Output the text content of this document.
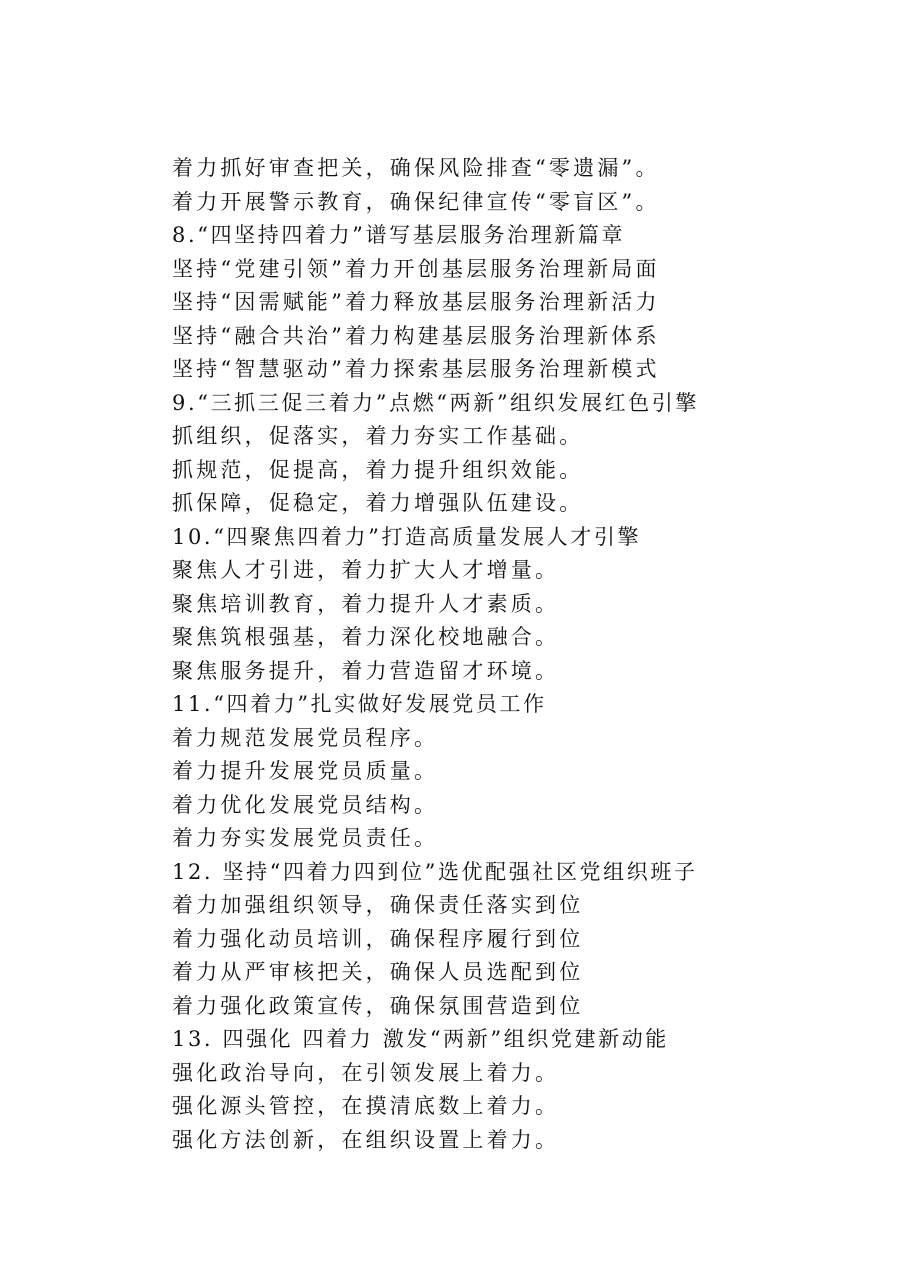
着力抓好审查把关，确保风险排查“零遗漏”。
着力开展警示教育，确保纪律宣传“零盲区”。
8.“四坚持四着力”谱写基层服务治理新篇章
坚持“党建引领”着力开创基层服务治理新局面
坚持“因需赋能”着力释放基层服务治理新活力
坚持“融合共治”着力构建基层服务治理新体系
坚持“智慧驱动”着力探索基层服务治理新模式
9.“三抓三促三着力”点燃“两新”组织发展红色引擎
抓组织，促落实，着力夯实工作基础。
抓规范，促提高，着力提升组织效能。
抓保障，促稳定，着力增强队伍建设。
10.“四聚焦四着力”打造高质量发展人才引擎
聚焦人才引进，着力扩大人才增量。
聚焦培训教育，着力提升人才素质。
聚焦筑根强基，着力深化校地融合。
聚焦服务提升，着力营造留才环境。
11.“四着力”扎实做好发展党员工作
着力规范发展党员程序。
着力提升发展党员质量。
着力优化发展党员结构。
着力夯实发展党员责任。
12. 坚持“四着力四到位”选优配强社区党组织班子
着力加强组织领导，确保责任落实到位
着力强化动员培训，确保程序履行到位
着力从严审核把关，确保人员选配到位
着力强化政策宣传，确保氛围营造到位
13. 四强化 四着力 激发“两新”组织党建新动能
强化政治导向，在引领发展上着力。
强化源头管控，在摸清底数上着力。
强化方法创新，在组织设置上着力。
